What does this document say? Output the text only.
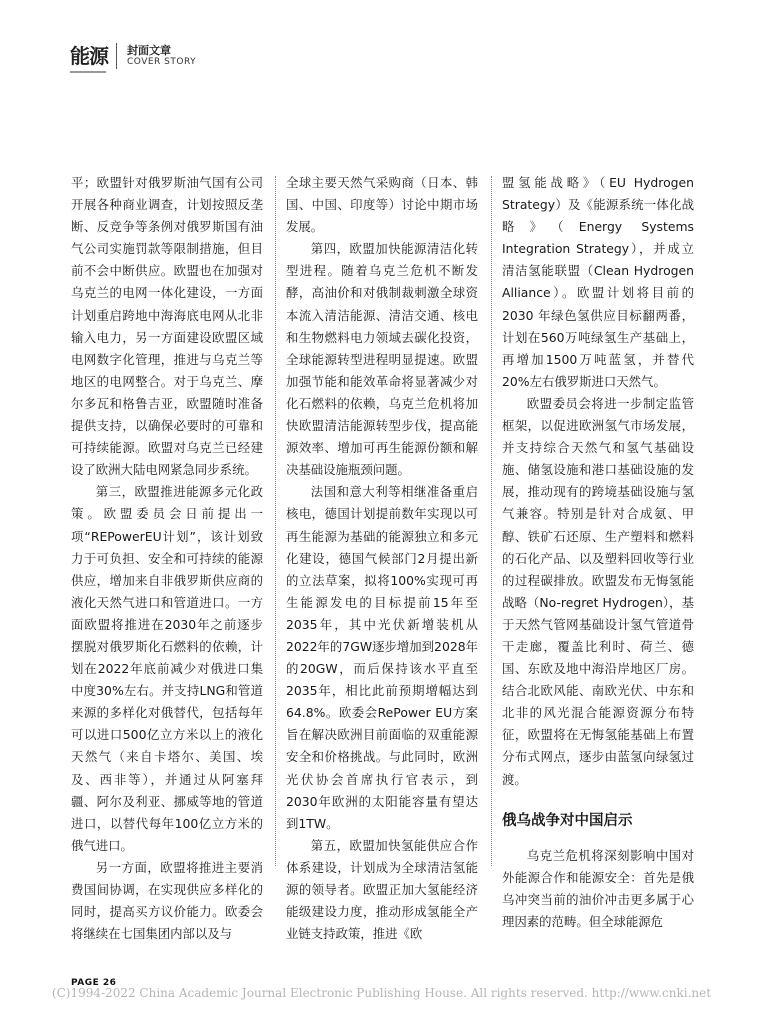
能源 封面文章
COVER STORY

平；欧盟针对俄罗斯油气国有公司开展各种商业调查，计划按照反垄断、反竞争等条例对俄罗斯国有油气公司实施罚款等限制措施，但目前不会中断供应。欧盟也在加强对乌克兰的电网一体化建设，一方面计划重启跨地中海海底电网从北非输入电力，另一方面建设欧盟区域电网数字化管理，推进与乌克兰等地区的电网整合。对于乌克兰、摩尔多瓦和格鲁吉亚，欧盟随时准备提供支持，以确保必要时的可靠和可持续能源。欧盟对乌克兰已经建设了欧洲大陆电网紧急同步系统。

第三，欧盟推进能源多元化政策。欧盟委员会日前提出一项“REPowerEU计划”，该计划致力于可负担、安全和可持续的能源供应，增加来自非俄罗斯供应商的液化天然气进口和管道进口。一方面欧盟将推进在2030年之前逐步摆脱对俄罗斯化石燃料的依赖，计划在2022年底前减少对俄进口集中度30%左右。并支持LNG和管道来源的多样化对俄替代，包括每年可以进口500亿立方米以上的液化天然气（来自卡塔尔、美国、埃及、西非等），并通过从阿塞拜疆、阿尔及利亚、挪威等地的管道进口，以替代每年100亿立方米的俄气进口。

另一方面，欧盟将推进主要消费国间协调，在实现供应多样化的同时，提高买方议价能力。欧委会将继续在七国集团内部以及与

全球主要天然气采购商（日本、韩国、中国、印度等）讨论中期市场发展。

第四，欧盟加快能源清洁化转型进程。随着乌克兰危机不断发酵，高油价和对俄制裁刺激全球资本流入清洁能源、清洁交通、核电和生物燃料电力领域去碳化投资，全球能源转型进程明显提速。欧盟加强节能和能效革命将显著减少对化石燃料的依赖，乌克兰危机将加快欧盟清洁能源转型步伐，提高能源效率、增加可再生能源份额和解决基础设施瓶颈问题。

法国和意大利等相继准备重启核电，德国计划提前数年实现以可再生能源为基础的能源独立和多元化建设，德国气候部门2月提出新的立法草案，拟将100%实现可再生能源发电的目标提前15年至2035年，其中光伏新增装机从2022年的7GW逐步增加到2028年的20GW，而后保持该水平直至2035年，相比此前预期增幅达到64.8%。欧委会RePower EU方案旨在解决欧洲目前面临的双重能源安全和价格挑战。与此同时，欧洲光伏协会首席执行官表示，到2030年欧洲的太阳能容量有望达到1TW。

第五，欧盟加快氢能供应合作体系建设，计划成为全球清洁氢能源的领导者。欧盟正加大氢能经济能级建设力度，推动形成氢能全产业链支持政策，推进《欧

盟氢能战略》（EU Hydrogen Strategy）及《能源系统一体化战略》（Energy Systems Integration Strategy），并成立清洁氢能联盟（Clean Hydrogen Alliance）。欧盟计划将目前的 2030 年绿色氢供应目标翻两番，计划在560万吨绿氢生产基础上，再增加1500万吨蓝氢，并替代20%左右俄罗斯进口天然气。

欧盟委员会将进一步制定监管框架，以促进欧洲氢气市场发展，并支持综合天然气和氢气基础设施、储氢设施和港口基础设施的发展，推动现有的跨境基础设施与氢气兼容。特别是针对合成氨、甲醇、铁矿石还原、生产塑料和燃料的石化产品、以及塑料回收等行业的过程碳排放。欧盟发布无悔氢能战略（No-regret Hydrogen），基于天然气管网基础设计氢气管道骨干走廊，覆盖比利时、荷兰、德国、东欧及地中海沿岸地区厂房。结合北欧风能、南欧光伏、中东和北非的风光混合能源资源分布特征，欧盟将在无悔氢能基础上布置分布式网点，逐步由蓝氢向绿氢过渡。

俄乌战争对中国启示

乌克兰危机将深刻影响中国对外能源合作和能源安全：首先是俄乌冲突当前的油价冲击更多属于心理因素的范畴。但全球能源危

PAGE 26
(C)1994-2022 China Academic Journal Electronic Publishing House. All rights reserved. http://www.cnki.net
